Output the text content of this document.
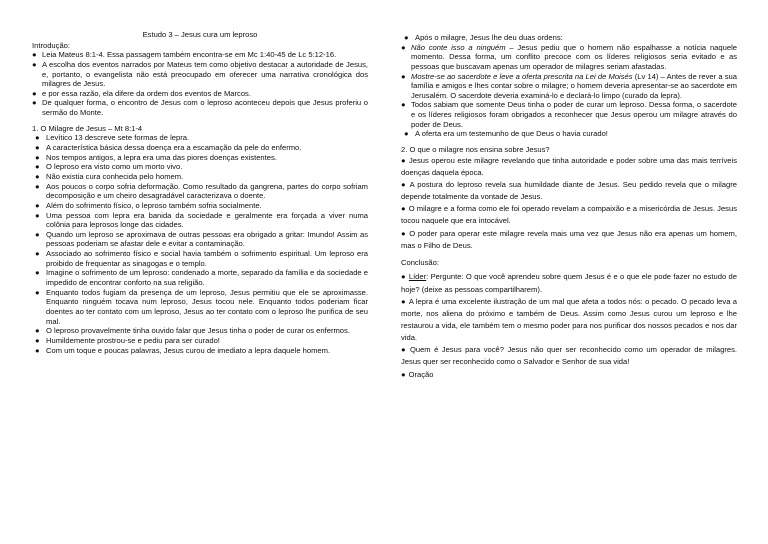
Estudo 3 – Jesus cura um leproso

Introdução:

● Leia Mateus 8:1-4. Essa passagem também encontra-se em Mc 1:40-45 de Lc 5:12-16.

● A escolha dos eventos narrados por Mateus tem como objetivo destacar a autoridade de Jesus, e, portanto, o evangelista não está preocupado em oferecer uma narrativa cronológica dos milagres de Jesus.

● e por essa razão, ela difere da ordem dos eventos de Marcos.

● De qualquer forma, o encontro de Jesus com o leproso aconteceu depois que Jesus proferiu o sermão do Monte.

1. O Milagre de Jesus – Mt 8:1-4

● Levítico 13 descreve sete formas de lepra.

● A característica básica dessa doença era a escamação da pele do enfermo.

● Nos tempos antigos, a lepra era uma das piores doenças existentes.

● O leproso era visto como um morto vivo.

● Não existia cura conhecida pelo homem.

● Aos poucos o corpo sofria deformação. Como resultado da gangrena, partes do corpo sofriam decomposição e um cheiro desagradável caracterizava o doente.

● Além do sofrimento físico, o leproso também sofria socialmente.

● Uma pessoa com lepra era banida da sociedade e geralmente era forçada a viver numa colônia para leprosos longe das cidades.

● Quando um leproso se aproximava de outras pessoas era obrigado a gritar: Imundo! Assim as pessoas poderiam se afastar dele e evitar a contaminação.

● Associado ao sofrimento físico e social havia também o sofrimento espiritual. Um leproso era proibido de frequentar as sinagogas e o templo.

● Imagine o sofrimento de um leproso: condenado a morte, separado da família e da sociedade e impedido de encontrar conforto na sua religião.

● Enquanto todos fugiam da presença de um leproso, Jesus permitiu que ele se aproximasse. Enquanto ninguém tocava num leproso, Jesus tocou nele. Enquanto todos poderiam ficar doentes ao ter contato com um leproso, Jesus ao ter contato com o leproso lhe purifica de seu mal.

● O leproso provavelmente tinha ouvido falar que Jesus tinha o poder de curar os enfermos.

● Humildemente prostrou-se e pediu para ser curado!

● Com um toque e poucas palavras, Jesus curou de imediato a lepra daquele homem.

● Após o milagre, Jesus lhe deu duas ordens:

● Não conte isso a ninguém – Jesus pediu que o homem não espalhasse a notícia naquele momento. Dessa forma, um conflito precoce com os líderes religiosos seria evitado e as pessoas que buscavam apenas um operador de milagres seriam afastadas.

● Mostre-se ao sacerdote e leve a oferta prescrita na Lei de Moisés (Lv 14) – Antes de rever a sua família e amigos e lhes contar sobre o milagre; o homem deveria apresentar-se ao sacerdote em Jerusalém. O sacerdote deveria examiná-lo e declará-lo limpo (curado da lepra).

● Todos sabiam que somente Deus tinha o poder de curar um leproso. Dessa forma, o sacerdote e os líderes religiosos foram obrigados a reconhecer que Jesus operou um milagre através do poder de Deus.

● A oferta era um testemunho de que Deus o havia curado!

2. O que o milagre nos ensina sobre Jesus?

● Jesus operou este milagre revelando que tinha autoridade e poder sobre uma das mais terríveis doenças daquela época.

● A postura do leproso revela sua humildade diante de Jesus. Seu pedido revela que o milagre depende totalmente da vontade de Jesus.

● O milagre e a forma como ele foi operado revelam a compaixão e a misericórdia de Jesus. Jesus tocou naquele que era intocável.

● O poder para operar este milagre revela mais uma vez que Jesus não era apenas um homem, mas o Filho de Deus.

Conclusão:

● Líder: Pergunte: O que você aprendeu sobre quem Jesus é e o que ele pode fazer no estudo de hoje? (deixe as pessoas compartilharem).

● A lepra é uma excelente ilustração de um mal que afeta a todos nós: o pecado. O pecado leva a morte, nos aliena do próximo e também de Deus. Assim como Jesus curou um leproso e lhe restaurou a vida, ele também tem o mesmo poder para nos purificar dos nossos pecados e nos dar vida.

● Quem é Jesus para você? Jesus não quer ser reconhecido como um operador de milagres. Jesus quer ser reconhecido como o Salvador e Senhor de sua vida!

● Oração
